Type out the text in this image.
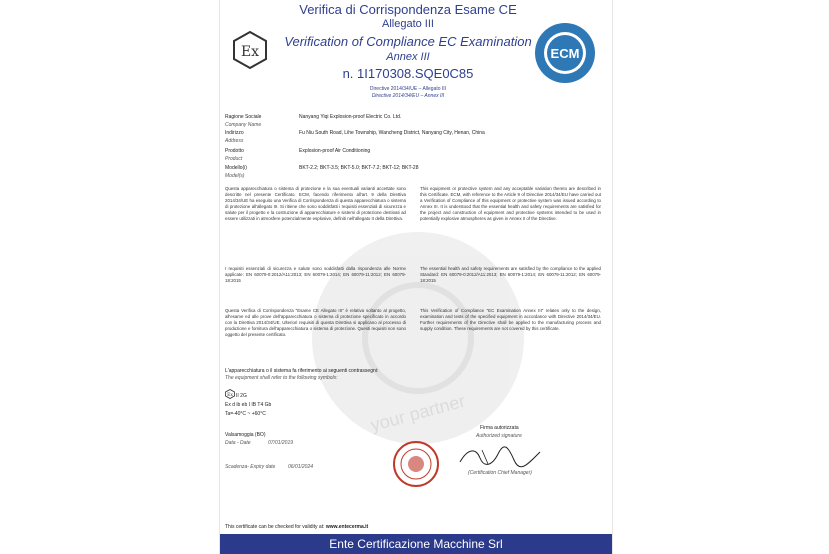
your partner
Ex	ECM
Verifica di Corrispondenza Esame CE
Allegato III
Verification of Compliance EC Examination
Annex III
n. 1I170308.SQE0C85
Directive 2014/34/UE – Allegato III
Directive 2014/34/EU – Annex III
Ragione Sociale
Company Name
Nanyang Yiqi Explosion-proof Electric Co. Ltd.
Indirizzo
Address
Fu Niu South Road, Lihe Township, Wancheng District, Nanyang City, Henan, China
Prodotto
Product
Explosion-proof Air Conditioning
Modello(i)
Model(s)
BKT-2.2; BKT-3.5; BKT-5.0; BKT-7.2; BKT-12; BKT-28
Questa apparecchiatura o sistema di protezione e la sua eventuali varianti accettate sono descritte nel presente Certificato. ECM, facendo riferimento all'art. 9 della Direttiva 2014/34/UE ha eseguito una Verifica di Corrispondenza di questa apparecchiatura o sistema di protezione all'allegato III. Si ritiene che sono soddisfatti i requisiti essenziali di sicurezza e salute per il progetto e la costruzione di apparecchiature e sistemi di protezione destinati ad essere utilizzati in atmosfere potenzialmente esplosive, definiti nell'allegato II della Direttiva.
This equipment or protective system and any acceptable variation thereto are described in this Certificate. ECM, with reference to the Article 9 of Directive 2014/34/EU have carried out a Verification of Compliance of this equipment or protective system was issued according to Annex III. It is understood that the essential health and safety requirements are satisfied for the project and construction of equipment and protective systems intended to be used in potentially explosive atmospheres as given in Annex II of the Directive.
I requisiti essenziali di sicurezza e salute sono soddisfatti dalla rispondenza alle Norme applicate: EN 60079-0:2012/A11:2013; EN 60079-1:2014; EN 60079-11:2012; EN 60079-18:2015
The essential health and safety requirements are satisfied by the compliance to the applied Standard: EN 60079-0:2012/A11:2013; EN 60079-1:2014; EN 60079-11:2012; EN 60079-18:2015
Questa Verifica di Corrispondenza "Esame CE Allegato III" è relativa soltanto al progetto, all'esame ed alle prove dell'apparecchiatura o sistema di protezione specificato in accordo con la Direttiva 2014/34/UE. Ulteriori requisiti di questa Direttiva si applicano al processo di produzione e fornitura dell'apparecchiatura o sistema di protezione. Questi requisiti non sono oggetto del presente certificato.
This Verification of Compliance "EC Examination Annex III" relates only to the design, examination and tests of the specified equipment in accordance with Directive 2014/34/EU. Further requirements of the Directive shall be applied to the manufacturing process and supply condition. These requirements are not covered by this certificate.
L'apparecchiatura o il sistema fa riferimento ai seguenti contrassegni:
The equipment shall refer to the following symbols:
Ex II 2G
Ex d ib eb I IB T4 Gb
Ta=-40°C ~ +60°C
Valsamoggia (BO)
Data - Date	07/01/2019
Scadenza- Expiry date	06/01/2024
Firma autorizzata
Authorized signature
(Certification Chief Manager)
This certificate can be checked for validity at: www.entecerma.it
Ente Certificazione Macchine Srl
